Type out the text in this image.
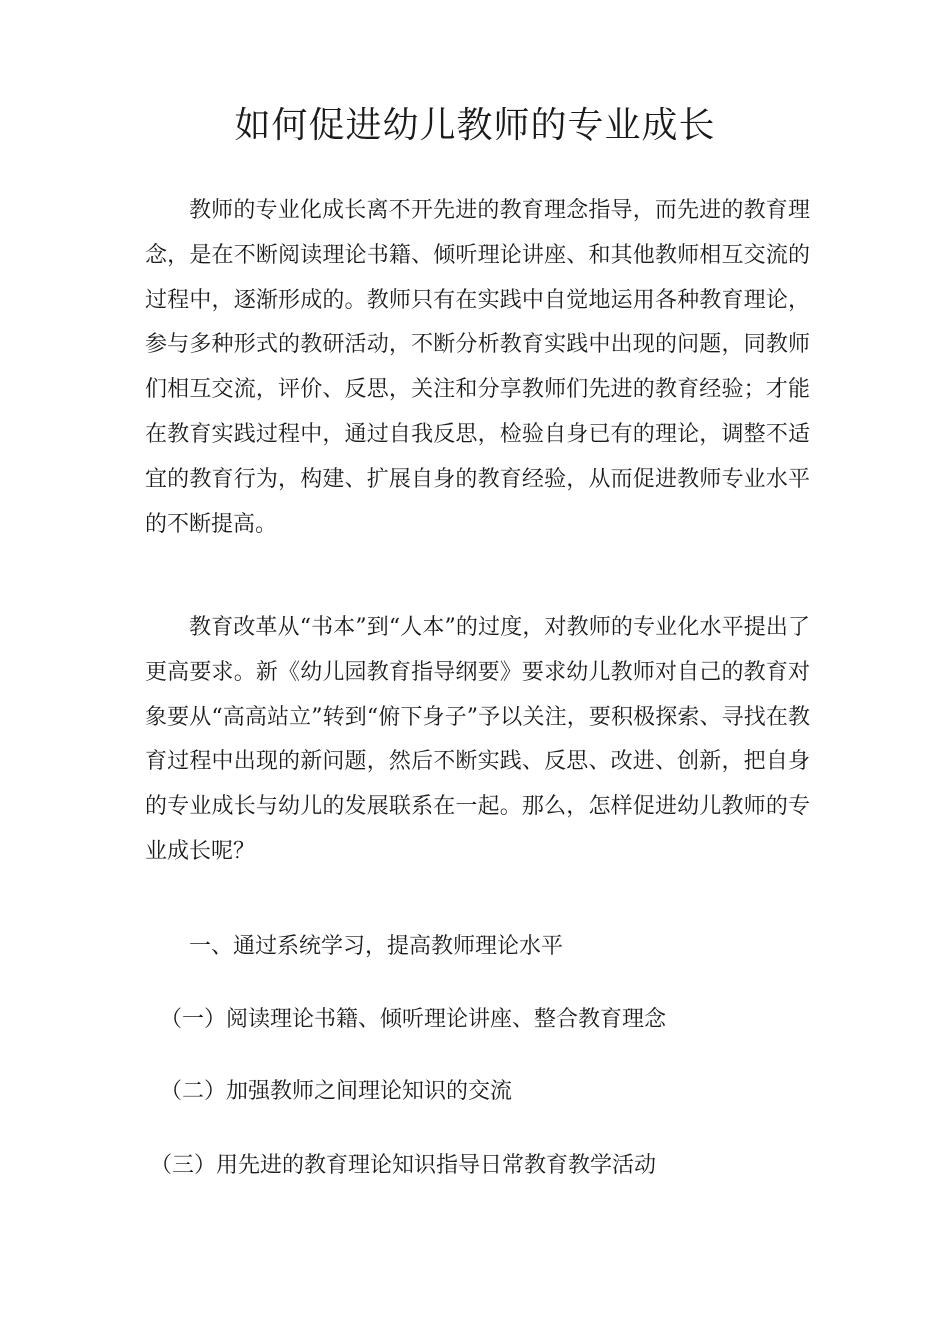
如何促进幼儿教师的专业成长

教师的专业化成长离不开先进的教育理念指导，而先进的教育理念，是在不断阅读理论书籍、倾听理论讲座、和其他教师相互交流的过程中，逐渐形成的。教师只有在实践中自觉地运用各种教育理论，参与多种形式的教研活动，不断分析教育实践中出现的问题，同教师们相互交流，评价、反思，关注和分享教师们先进的教育经验；才能在教育实践过程中，通过自我反思，检验自身已有的理论，调整不适宜的教育行为，构建、扩展自身的教育经验，从而促进教师专业水平的不断提高。

教育改革从“书本”到“人本”的过度，对教师的专业化水平提出了更高要求。新《幼儿园教育指导纲要》要求幼儿教师对自己的教育对象要从“高高站立”转到“俯下身子”予以关注，要积极探索、寻找在教育过程中出现的新问题，然后不断实践、反思、改进、创新，把自身的专业成长与幼儿的发展联系在一起。那么，怎样促进幼儿教师的专业成长呢？

一、通过系统学习，提高教师理论水平

（一）阅读理论书籍、倾听理论讲座、整合教育理念

（二）加强教师之间理论知识的交流

（三）用先进的教育理论知识指导日常教育教学活动
